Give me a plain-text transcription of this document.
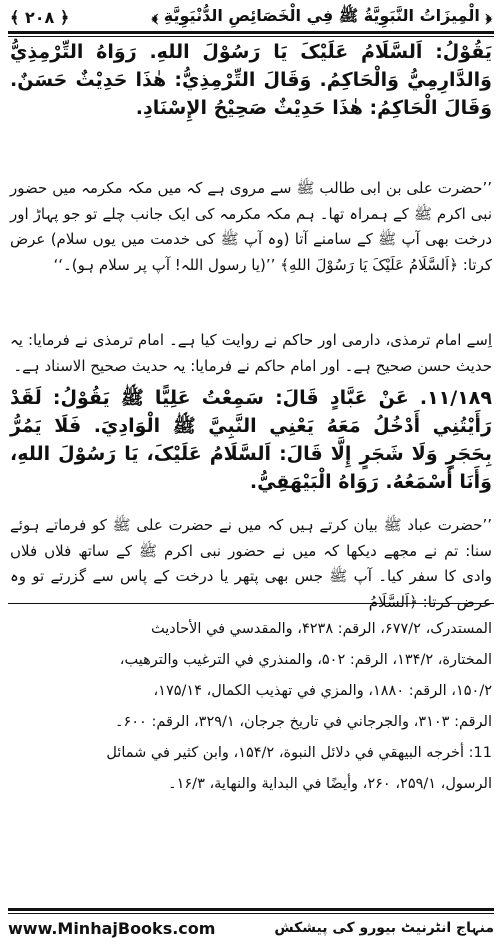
﴿ الْمِيزَاتُ النَّبَوِيَّةُ ﷺ فِي الْخَصَائِصِ الدُّنْيَوِيَّةِ ﴾
﴿ ۲۰۸ ﴾
يَقُوْلُ: اَلسَّلَامُ عَلَيْکَ يَا رَسُوْلَ اللهِ. رَوَاهُ التِّرْمِذِيُّ وَالدَّارِمِيُّ وَالْحَاکِمُ. وَقَالَ التِّرْمِذِيُّ: هٰذَا حَدِيْثٌ حَسَنٌ. وَقَالَ الْحَاکِمُ: هٰذَا حَدِيْثٌ صَحِيْحُ الإِسْنَادِ.
’’حضرت علی بن ابی طالب ﷺ سے مروی ہے کہ میں مکہ مکرمہ میں حضور نبی اکرم ﷺ کے ہمراہ تھا۔ ہم مکہ مکرمہ کی ایک جانب چلے تو جو پہاڑ اور درخت بھی آپ ﷺ کے سامنے آتا (وہ آپ ﷺ کی خدمت میں یوں سلام) عرض کرتا: ﴿اَلسَّلَامُ عَلَيْکَ يَا رَسُوْلَ اللهِ﴾ ’’(یا رسول اللہ! آپ پر سلام ہو)۔‘‘
اِسے امام ترمذی، دارمی اور حاکم نے روایت کیا ہے۔ امام ترمذی نے فرمایا: یہ حدیث حسن صحیح ہے۔ اور امام حاکم نے فرمایا: یہ حدیث صحیح الاسناد ہے۔
۱۱/۱۸۹. عَنْ عَبَّادٍ قَالَ: سَمِعْتُ عَلِيًّا ﷺ يَقُوْلُ: لَقَدْ رَأَيْتُنِي أَدْخُلُ مَعَهُ يَعْنِي النَّبِيَّ ﷺ الْوَادِيَ. فَلَا يَمُرُّ بِحَجَرٍ وَلَا شَجَرٍ إِلَّا قَالَ: اَلسَّلَامُ عَلَيْکَ، يَا رَسُوْلَ اللهِ، وَأَنَا أَسْمَعُهُ. رَوَاهُ الْبَيْهَقِيُّ.
’’حضرت عباد ﷺ بیان کرتے ہیں کہ میں نے حضرت علی ﷺ کو فرماتے ہوئے سنا: تم نے مجھے دیکھا کہ میں نے حضور نبی اکرم ﷺ کے ساتھ فلاں فلاں وادی کا سفر کیا۔ آپ ﷺ جس بھی پتھر یا درخت کے پاس سے گزرتے تو وہ عرض کرتا: ﴿اَلسَّلَامُ
المستدرک، ۶۷۷/۲، الرقم: ۴۲۳۸، والمقدسي في الأحاديث
المختارة، ۱۳۴/۲، الرقم: ۵۰۲، والمنذري في الترغيب والترهيب،
۱۵۰/۲، الرقم: ۱۸۸۰، والمزي في تهذيب الکمال، ۱۷۵/۱۴،
الرقم: ۳۱۰۳، والجرجاني في تاريخ جرجان، ۳۲۹/۱، الرقم: ۶۰۰۔
11: أخرجه البيهقي في دلائل النبوة، ۱۵۴/۲، وابن کثير في شمائل
الرسول، ۲۵۹/۱، ۲۶۰، وأيضًا في البداية والنهاية، ۱۶/۳۔
www.MinhajBooks.com	منہاج انٹرنیٹ بیورو کی پیشکش
